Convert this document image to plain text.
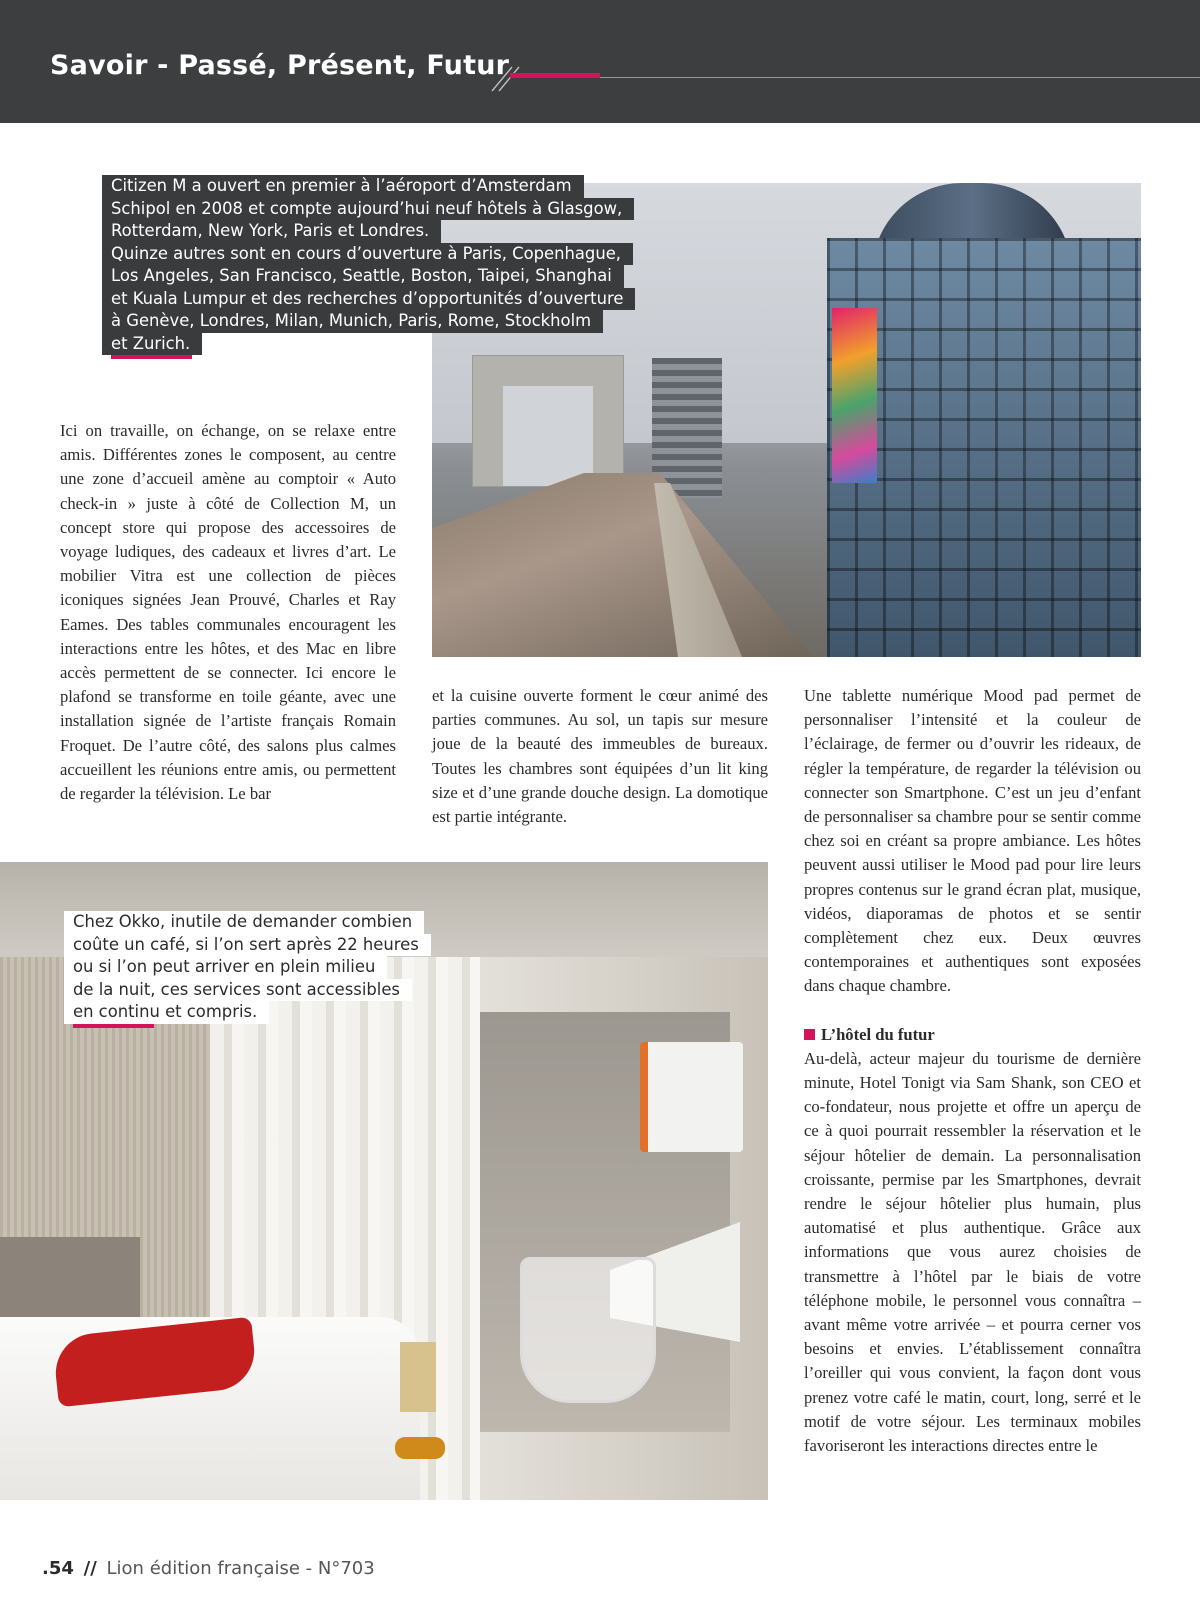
Savoir - Passé, Présent, Futur
Citizen M a ouvert en premier à l’aéroport d’Amsterdam
Schipol en 2008 et compte aujourd’hui neuf hôtels à Glasgow,
Rotterdam, New York, Paris et Londres.
Quinze autres sont en cours d’ouverture à Paris, Copenhague,
Los Angeles, San Francisco, Seattle, Boston, Taipei, Shanghai
et Kuala Lumpur et des recherches d’opportunités d’ouverture
à Genève, Londres, Milan, Munich, Paris, Rome, Stockholm
et Zurich.

Ici on travaille, on échange, on se relaxe entre amis. Différentes zones le composent, au centre une zone d’accueil amène au comptoir « Auto check-in » juste à côté de Collection M, un concept store qui propose des accessoires de voyage ludiques, des cadeaux et livres d’art. Le mobilier Vitra est une collection de pièces iconiques signées Jean Prouvé, Charles et Ray Eames. Des tables communales encouragent les interactions entre les hôtes, et des Mac en libre accès permettent de se connecter. Ici encore le plafond se transforme en toile géante, avec une installation signée de l’artiste français Romain Froquet. De l’autre côté, des salons plus calmes accueillent les réunions entre amis, ou permettent de regarder la télévision. Le bar

et la cuisine ouverte forment le cœur animé des parties communes. Au sol, un tapis sur mesure joue de la beauté des immeubles de bureaux. Toutes les chambres sont équipées d’un lit king size et d’une grande douche design. La domotique est partie intégrante.

Une tablette numérique Mood pad permet de personnaliser l’intensité et la couleur de l’éclairage, de fermer ou d’ouvrir les rideaux, de régler la température, de regarder la télévision ou connecter son Smartphone. C’est un jeu d’enfant de personnaliser sa chambre pour se sentir comme chez soi en créant sa propre ambiance. Les hôtes peuvent aussi utiliser le Mood pad pour lire leurs propres contenus sur le grand écran plat, musique, vidéos, diaporamas de photos et se sentir complètement chez eux. Deux œuvres contemporaines et authentiques sont exposées dans chaque chambre.

L’hôtel du futur

Au-delà, acteur majeur du tourisme de dernière minute, Hotel Tonigt via Sam Shank, son CEO et co-fondateur, nous projette et offre un aperçu de ce à quoi pourrait ressembler la réservation et le séjour hôtelier de demain. La personnalisation croissante, permise par les Smartphones, devrait rendre le séjour hôtelier plus humain, plus automatisé et plus authentique. Grâce aux informations que vous aurez choisies de transmettre à l’hôtel par le biais de votre téléphone mobile, le personnel vous connaîtra – avant même votre arrivée – et pourra cerner vos besoins et envies. L’établissement connaîtra l’oreiller qui vous convient, la façon dont vous prenez votre café le matin, court, long, serré et le motif de votre séjour. Les terminaux mobiles favoriseront les interactions directes entre le

Chez Okko, inutile de demander combien
coûte un café, si l’on sert après 22 heures
ou si l’on peut arriver en plein milieu
de la nuit, ces services sont accessibles
en continu et compris.
.54 // Lion édition française - N°703
